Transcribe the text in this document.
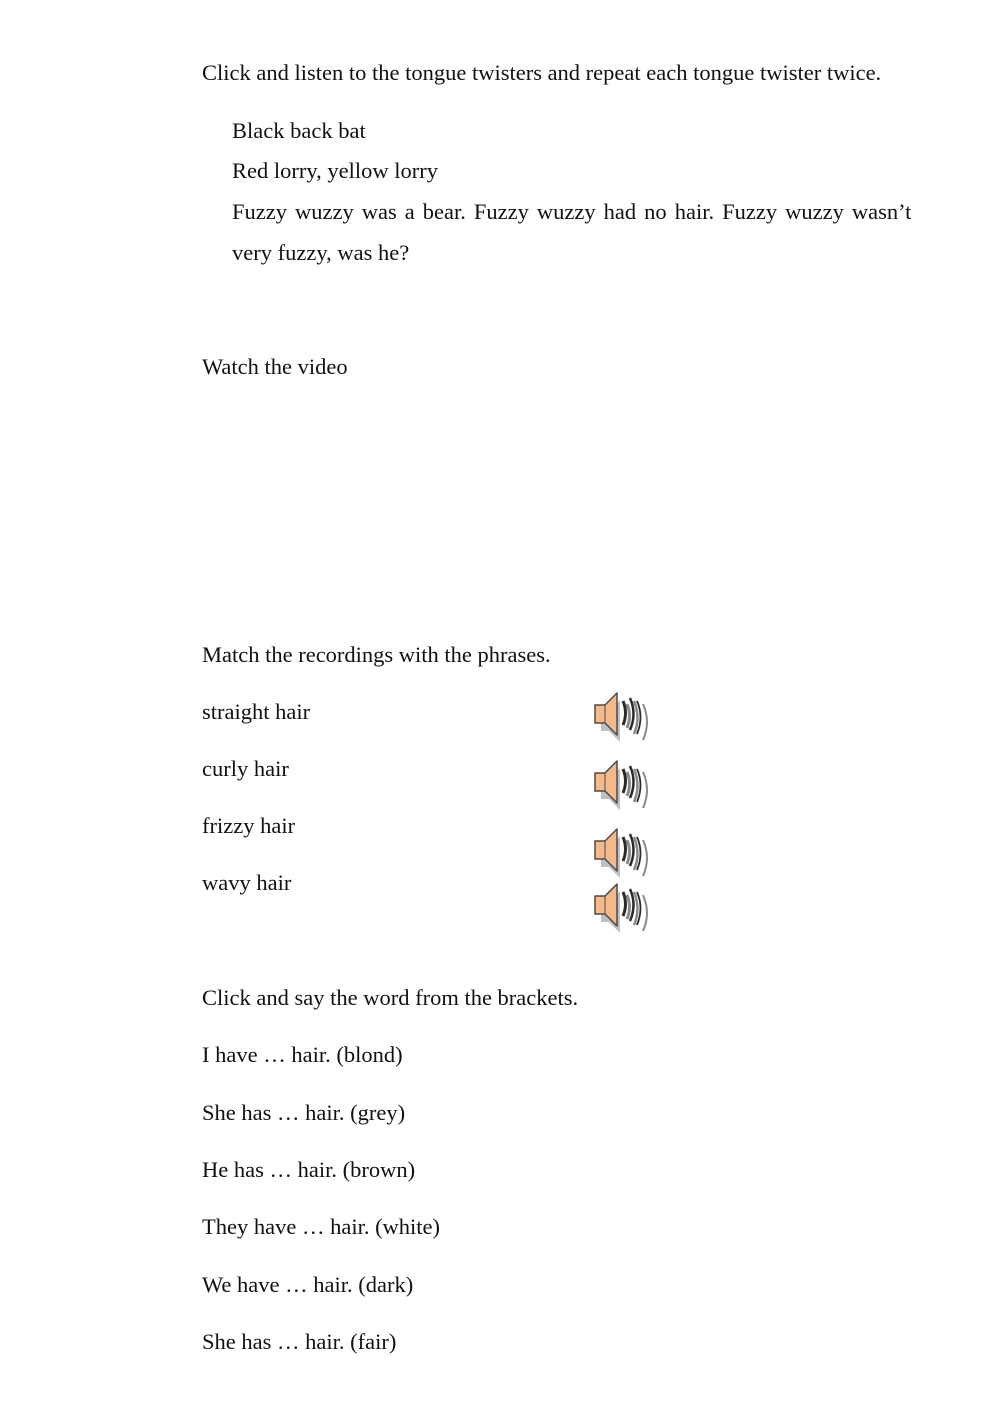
Click and listen to the tongue twisters and repeat each tongue twister twice.

Black back bat

Red lorry, yellow lorry

Fuzzy wuzzy was a bear. Fuzzy wuzzy had no hair. Fuzzy wuzzy wasn’t

very fuzzy, was he?

Watch the video

Match the recordings with the phrases.

straight hair

curly hair

frizzy hair

wavy hair

Click and say the word from the brackets.

I have … hair. (blond)

She has … hair. (grey)

He has … hair. (brown)

They have … hair. (white)

We have … hair. (dark)

She has … hair. (fair)
